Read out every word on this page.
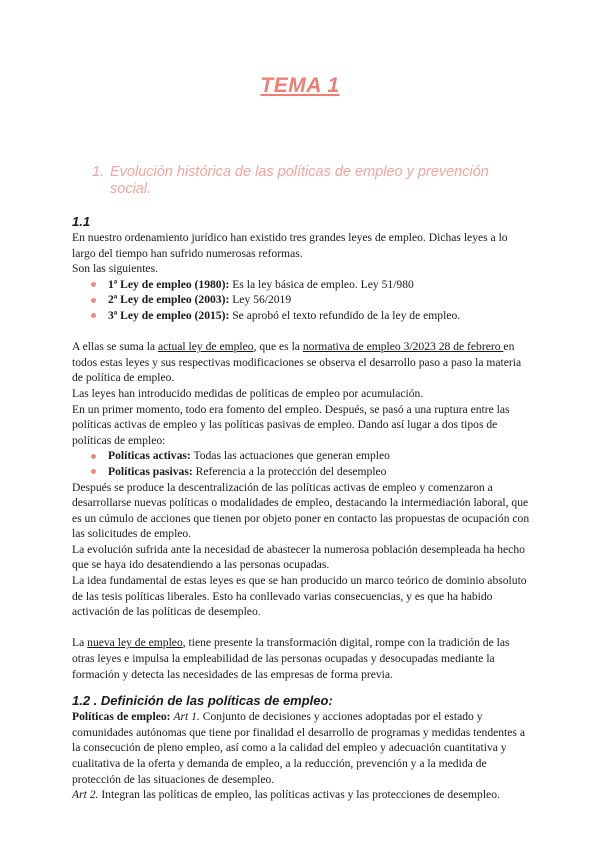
TEMA 1
1. Evolución histórica de las políticas de empleo y prevención social.
1.1

En nuestro ordenamiento jurídico han existido tres grandes leyes de empleo. Dichas leyes a lo largo del tiempo han sufrido numerosas reformas.

Son las siguientes.

1ª Ley de empleo (1980): Es la ley básica de empleo. Ley 51/980
2ª Ley de empleo (2003): Ley 56/2019
3ª Ley de empleo (2015): Se aprobó el texto refundido de la ley de empleo.

A ellas se suma la actual ley de empleo, que es la normativa de empleo 3/2023 28 de febrero en todos estas leyes y sus respectivas modificaciones se observa el desarrollo paso a paso la materia de política de empleo.

Las leyes han introducido medidas de políticas de empleo por acumulación.

En un primer momento, todo era fomento del empleo. Después, se pasó a una ruptura entre las políticas activas de empleo y las políticas pasivas de empleo. Dando así lugar a dos tipos de políticas de empleo:

Políticas activas: Todas las actuaciones que generan empleo
Políticas pasivas: Referencia a la protección del desempleo

Después se produce la descentralización de las políticas activas de empleo y comenzaron a desarrollarse nuevas políticas o modalidades de empleo, destacando la intermediación laboral, que es un cúmulo de acciones que tienen por objeto poner en contacto las propuestas de ocupación con las solicitudes de empleo.

La evolución sufrida ante la necesidad de abastecer la numerosa población desempleada ha hecho que se haya ido desatendiendo a las personas ocupadas.

La idea fundamental de estas leyes es que se han producido un marco teórico de dominio absoluto de las tesis políticas liberales. Esto ha conllevado varias consecuencias, y es que ha habido activación de las políticas de desempleo.

La nueva ley de empleo, tiene presente la transformación digital, rompe con la tradición de las otras leyes e impulsa la empleabilidad de las personas ocupadas y desocupadas mediante la formación y detecta las necesidades de las empresas de forma previa.

1.2 . Definición de las políticas de empleo:

Políticas de empleo: Art 1. Conjunto de decisiones y acciones adoptadas por el estado y comunidades autónomas que tiene por finalidad el desarrollo de programas y medidas tendentes a la consecución de pleno empleo, así como a la calidad del empleo y adecuación cuantitativa y cualitativa de la oferta y demanda de empleo, a la reducción, prevención y a la medida de protección de las situaciones de desempleo.

Art 2. Integran las políticas de empleo, las políticas activas y las protecciones de desempleo.
